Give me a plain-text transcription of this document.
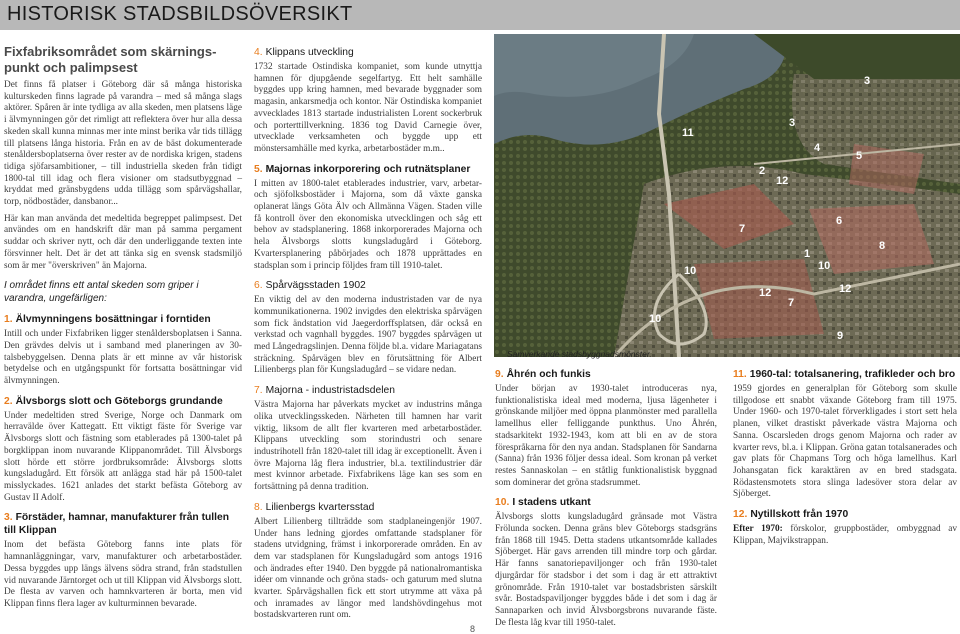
HISTORISK STADSBILDSÖVERSIKT
Fixfabriksområdet som skärnings-punkt och palimpsest
Det finns få platser i Göteborg där så många historiska kulturskeden finns lagrade på varandra – med så många slags aktörer. Spåren är inte tydliga av alla skeden, men platsens läge i älvmynningen gör det rimligt att reflektera över hur alla dessa skeden skall kunna minnas mer inte minst berika vår tids tillägg till platsens långa historia. Från en av de bäst dokumenterade stenåldersboplatserna över rester av de nordiska krigen, stadens tidiga sjöfarsambitioner, – till industriella skeden från tidigt 1800-tal till idag och flera visioner om stadsutbyggnad – kryddat med gränsbygdens udda tillägg som spårvägshallar, torp, nödbostäder, dansbanor...
Här kan man använda det medeltida begreppet palimpsest. Det användes om en handskrift där man på samma pergament suddar och skriver nytt, och där den underliggande texten inte försvinner helt. Det är det att tänka sig en svensk stadsmiljö som är mer "överskriven" än Majorna.
I området finns ett antal skeden som griper i varandra, ungefärligen:
1. Älvmynningens bosättningar i forntiden
Intill och under Fixfabriken ligger stenåldersboplatsen i Sanna. Den grävdes delvis ut i samband med planeringen av 30-talsbebyggelsen. Denna plats är ett minne av vår historisk betydelse och en utgångspunkt för fortsatta bosättningar vid älvmynningen.
2. Älvsborgs slott och Göteborgs grundande
Under medeltiden stred Sverige, Norge och Danmark om herravälde över Kattegatt. Ett viktigt fäste för Sverige var Älvsborgs slott och fästning som etablerades på 1300-talet på borgklippan inom nuvarande Klippanområdet. Till Älvsborgs slott hörde ett större jordbruksområde: Älvsborgs slotts kungsladugård. Ett försök att anlägga stad här på 1500-talet misslyckades. 1621 anlades det starkt befästa Göteborg av Gustav II Adolf.
3. Förstäder, hamnar, manufakturer från tullen till Klippan
Inom det befästa Göteborg fanns inte plats för hamnanläggningar, varv, manufakturer och arbetarbostäder. Dessa byggdes upp längs älvens södra strand, från stadstullen vid nuvarande Järntorget och ut till Klippan vid Älvsborgs slott. De flesta av varven och hamnkvarteren är borta, men vid Klippan finns flera lager av kulturminnen bevarade.
4. Klippans utveckling
1732 startade Ostindiska kompaniet, som kunde utnyttja hamnen för djupgående segelfartyg. Ett helt samhälle byggdes upp kring hamnen, med bevarade byggnader som magasin, ankarsmedja och kontor. När Ostindiska kompaniet avvecklades 1813 startade industrialisten Lorent sockerbruk och porterttillverkning. 1836 tog David Carnegie över, utvecklade verksamheten och byggde upp ett mönstersamhälle med kyrka, arbetarbostäder m.m..
5. Majornas inkorporering och rutnätsplaner
I mitten av 1800-talet etablerades industrier, varv, arbetar- och sjöfolksbostäder i Majorna, som då växte ganska oplanerat längs Göta Älv och Allmänna Vägen. Staden ville få kontroll över den ekonomiska utvecklingen och såg ett behov av stadsplanering. 1868 inkorporerades Majorna och hela Älvsborgs slotts kungsladugård i Göteborg. Kvartersplanering påbörjades och 1878 upprättades en stadsplan som i princip följdes fram till 1910-talet.
6. Spårvägsstaden 1902
En viktig del av den moderna industristaden var de nya kommunikationerna. 1902 invigdes den elektriska spårvägen som fick ändstation vid Jaegerdorffsplatsen, där också en verkstad och vagnhall byggdes. 1907 byggdes spårvägen ut med Långedragslinjen. Denna följde bl.a. vidare Mariagatans sträckning. Spårvägen blev en förutsättning för Albert Lilienbergs plan för Kungsladugård – se vidare nedan.
7. Majorna - industristadsdelen
Västra Majorna har påverkats mycket av industrins många olika utvecklingsskeden. Närheten till hamnen har varit viktig, liksom de allt fler kvarteren med arbetarbostäder. Klippans utveckling som storindustri och senare industrihotell från 1820-talet till idag är exceptionellt. Även i övre Majorna låg flera industrier, bl.a. textilindustrier där mest kvinnor arbetade. Fixfabrikens läge kan ses som en fortsättning på denna tradition.
8. Lilienbergs kvartersstad
Albert Lilienberg tillträdde som stadplaneingenjör 1907. Under hans ledning gjordes omfattande stadsplaner för stadens utvidgning, främst i inkorporerade områden. En av dem var stadsplanen för Kungsladugård som antogs 1916 och ändrades efter 1940. Den byggde på nationalromantiska idéer om vinnande och gröna stads- och gaturum med slutna kvarter. Spårvägshallen fick ett stort utrymme att växa på och inramades av längor med landshövdingehus mot bostadskvarteren runt om.
1
2
3
3
4
5
6
7
7
8
9
10
10	10
11
12
12
12
Samverkande stadsbyggnadsmönster.
9. Åhrén och funkis
Under början av 1930-talet introduceras nya, funktionalistiska ideal med moderna, ljusa lägenheter i grönskande miljöer med öppna planmönster med parallella lamellhus eller felliggande punkthus. Uno Åhrén, stadsarkitekt 1932-1943, kom att bli en av de stora förespråkarna för den nya andan. Stadsplanen för Sandarna (Sanna) från 1936 följer dessa ideal. Som kronan på verket restes Sannaskolan – en ståtlig funktionalistisk byggnad som dominerar det gröna stadsrummet.
10. I stadens utkant
Älvsborgs slotts kungsladugård gränsade mot Västra Frölunda socken. Denna gräns blev Göteborgs stadsgräns från 1868 till 1945. Detta stadens utkantsområde kallades Sjöberget. Här gavs arrenden till mindre torp och gårdar. Här fanns sanatoriepaviljonger och från 1930-talet djurgårdar för stadsbor i det som i dag är ett attraktivt grönområde. Från 1910-talet var bostadsbristen särskilt svår. Bostadspaviljonger byggdes både i det som i dag är Sannaparken och invid Älvsborgsbrons nuvarande fäste. De flesta låg kvar till 1950-talet.
11. 1960-tal: totalsanering, trafikleder och bro
1959 gjordes en generalplan för Göteborg som skulle tillgodose ett snabbt växande Göteborg fram till 1975. Under 1960- och 1970-talet förverkligades i stort sett hela planen, vilket drastiskt påverkade västra Majorna och Sanna. Oscarsleden drogs genom Majorna och rader av kvarter revs, bl.a. i Klippan. Gröna gatan totalsanerades och gav plats för Chapmans Torg och höga lamellhus. Karl Johansgatan fick karaktären av en bred stadsgata. Rödastensmotets stora slinga ladesöver stora delar av Sjöberget.
12. Nytillskott från 1970
Efter 1970: förskolor, gruppbostäder, ombyggnad av Klippan, Majvikstrappan.
8
